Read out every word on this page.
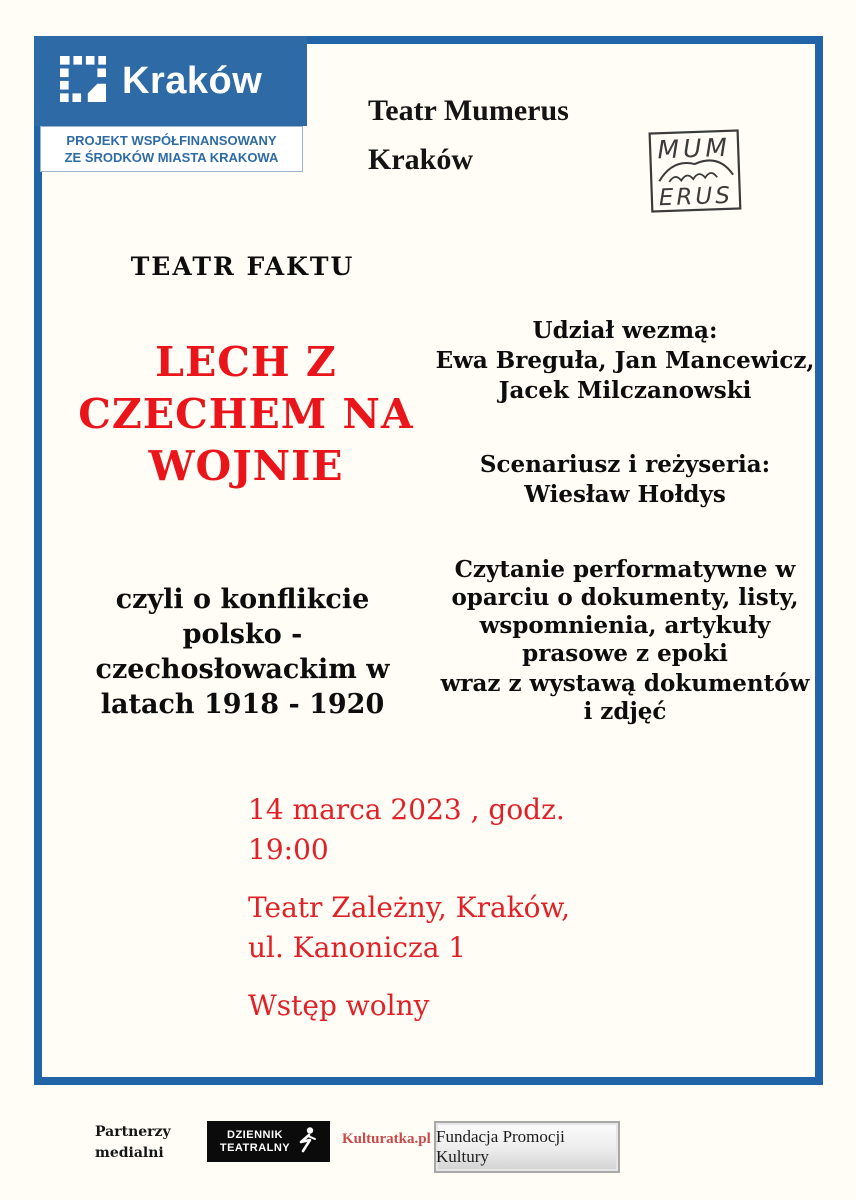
Kraków
PROJEKT WSPÓŁFINANSOWANY
ZE ŚRODKÓW MIASTA KRAKOWA
Teatr Mumerus
Kraków	MUM
ERUS
TEATR FAKTU
LECH Z
CZECHEM NA
WOJNIE
czyli o konflikcie
polsko -
czechosłowackim w
latach 1918 - 1920
Udział wezmą:
Ewa Breguła, Jan Mancewicz,
Jacek Milczanowski
Scenariusz i reżyseria:
Wiesław Hołdys
Czytanie performatywne w
oparciu o dokumenty, listy,
wspomnienia, artykuły
prasowe z epoki
wraz z wystawą dokumentów
i zdjęć

14 marca 2023 , godz.
19:00

Teatr Zależny, Kraków,
ul. Kanonicza 1

Wstęp wolny

Partnerzy
medialni
DZIENNIK
TEATRALNY
Kulturatka.pl Fundacja Promocji Kultury
